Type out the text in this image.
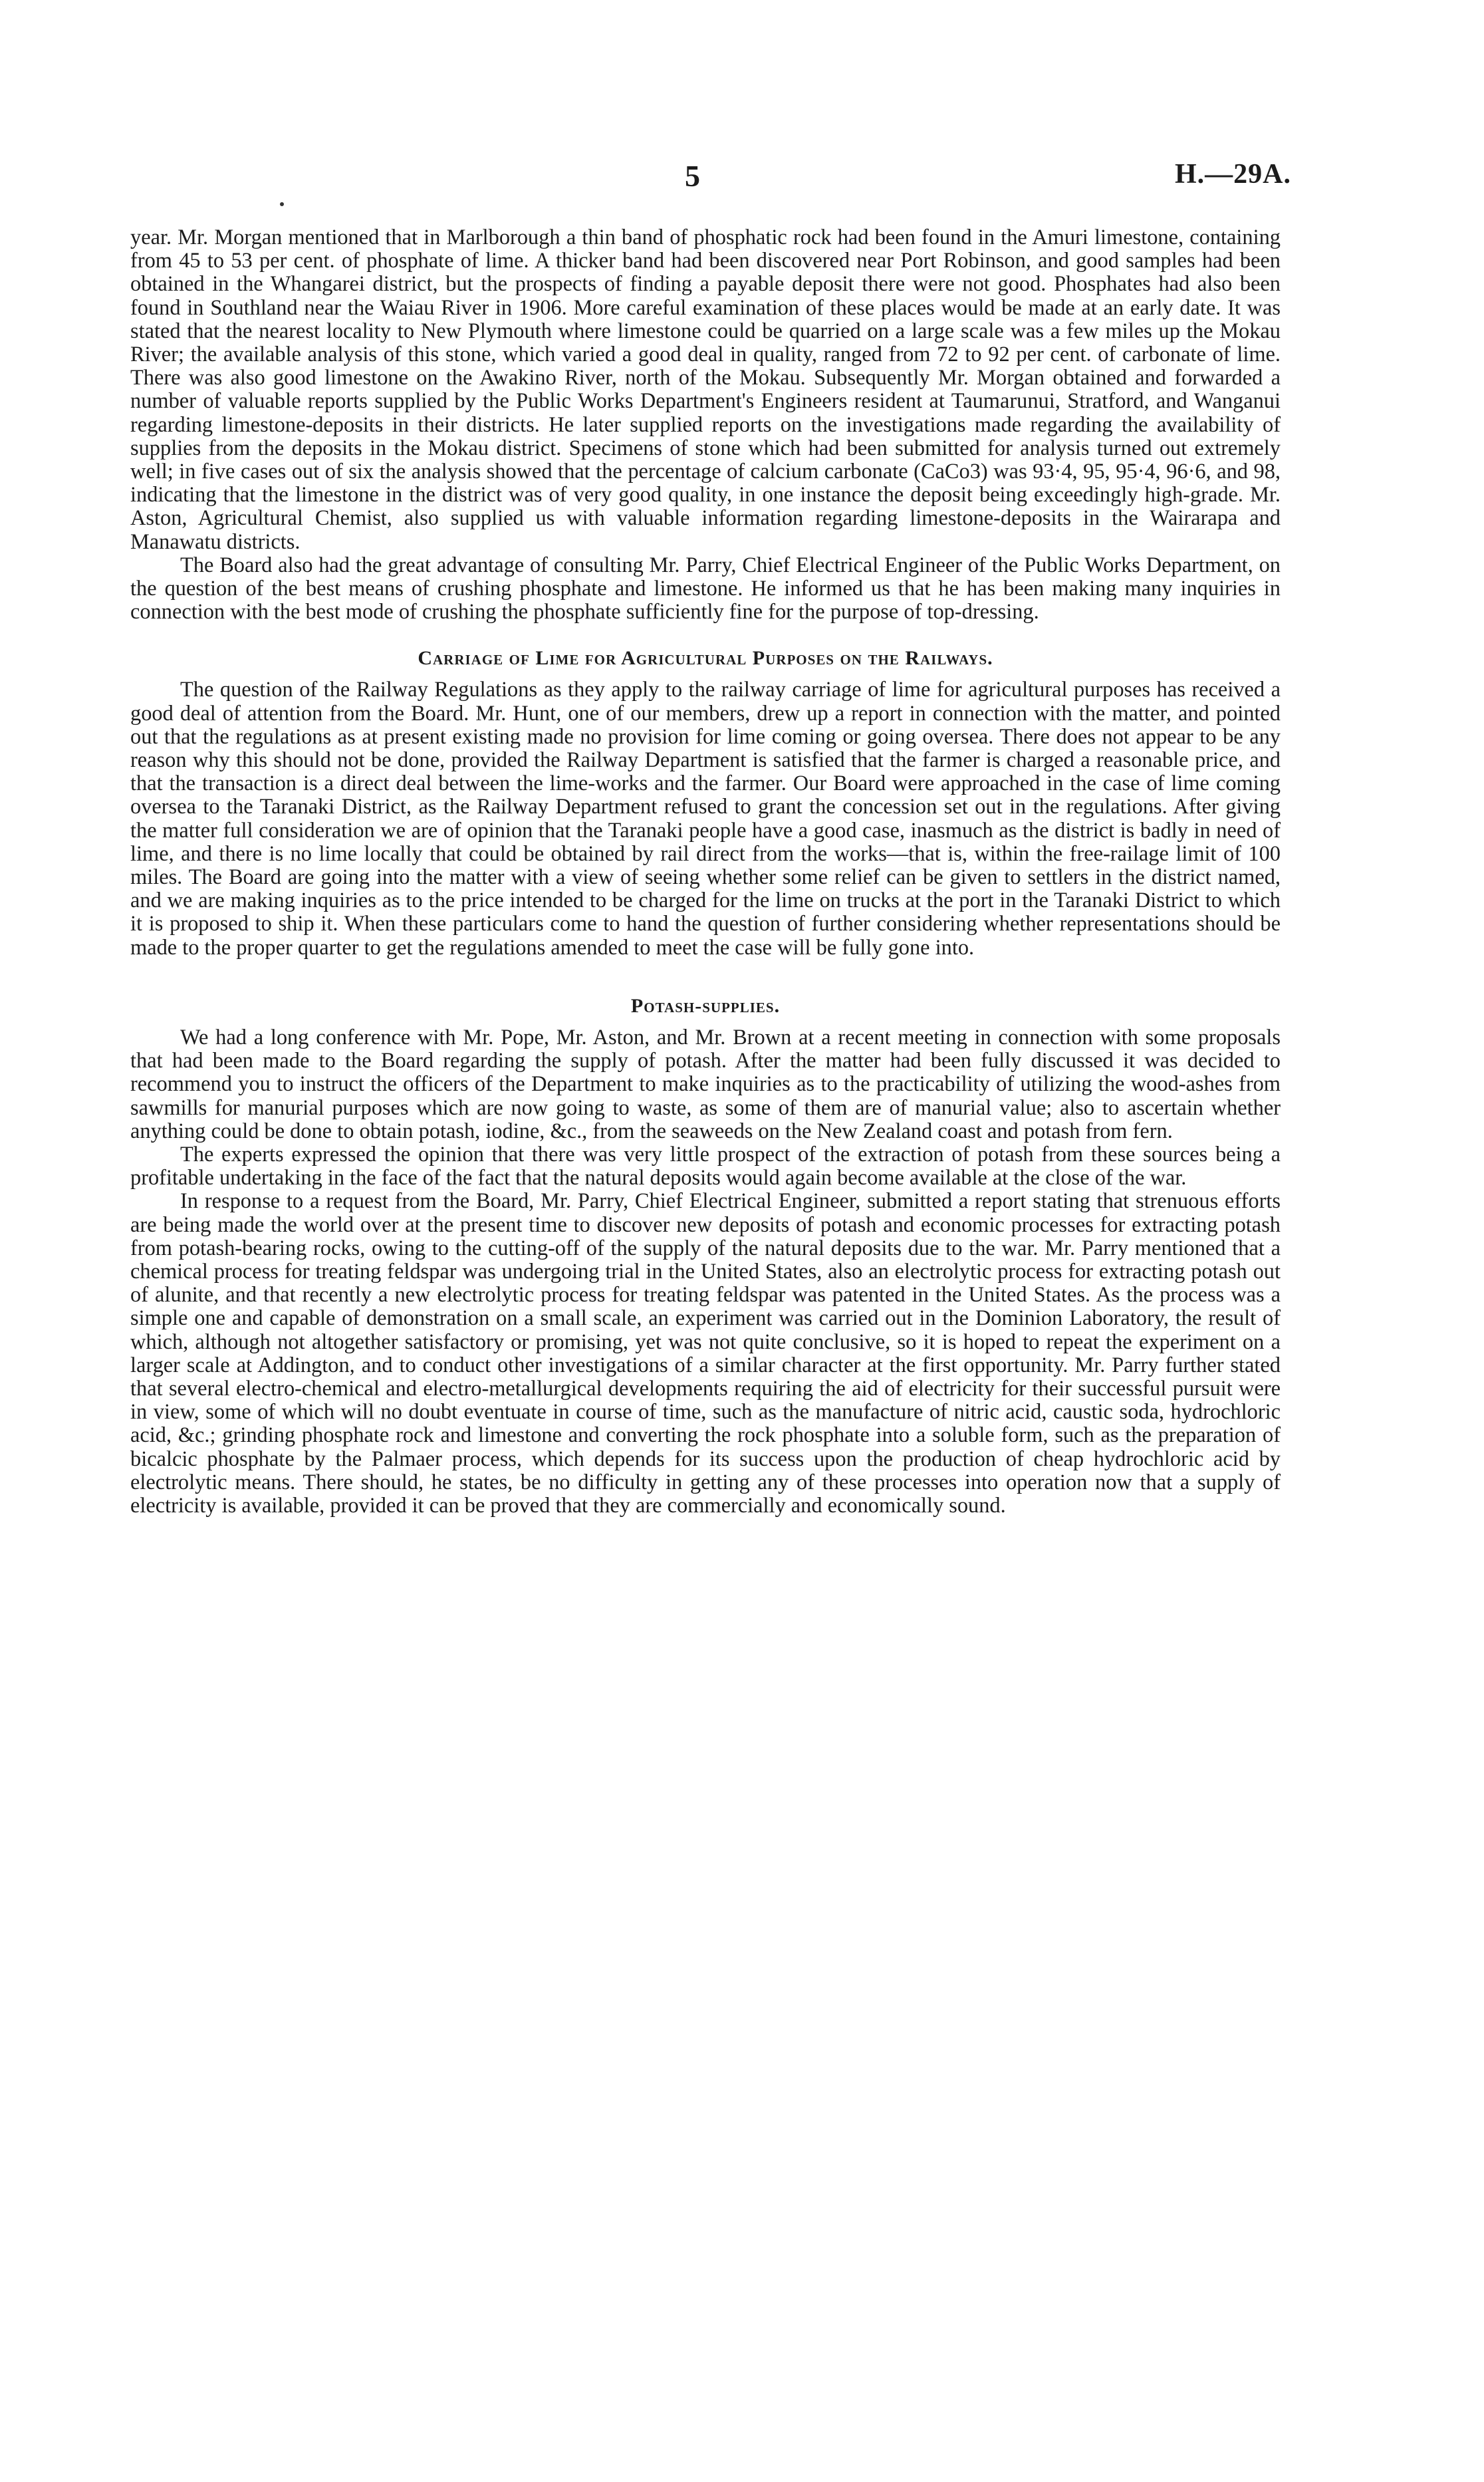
5	H.—29A.

year. Mr. Morgan mentioned that in Marlborough a thin band of phosphatic rock had been found in the Amuri limestone, containing from 45 to 53 per cent. of phosphate of lime. A thicker band had been discovered near Port Robinson, and good samples had been obtained in the Whangarei district, but the prospects of finding a payable deposit there were not good. Phosphates had also been found in Southland near the Waiau River in 1906. More careful examination of these places would be made at an early date. It was stated that the nearest locality to New Plymouth where limestone could be quarried on a large scale was a few miles up the Mokau River; the available analysis of this stone, which varied a good deal in quality, ranged from 72 to 92 per cent. of carbonate of lime. There was also good limestone on the Awakino River, north of the Mokau. Subsequently Mr. Morgan obtained and forwarded a number of valuable reports supplied by the Public Works Department's Engineers resident at Taumarunui, Stratford, and Wanganui regarding limestone-deposits in their districts. He later supplied reports on the investigations made regarding the availability of supplies from the deposits in the Mokau district. Specimens of stone which had been submitted for analysis turned out extremely well; in five cases out of six the analysis showed that the percentage of calcium carbonate (CaCo3) was 93·4, 95, 95·4, 96·6, and 98, indicating that the limestone in the district was of very good quality, in one instance the deposit being exceedingly high-grade. Mr. Aston, Agricultural Chemist, also supplied us with valuable information regarding limestone-deposits in the Wairarapa and Manawatu districts.

The Board also had the great advantage of consulting Mr. Parry, Chief Electrical Engineer of the Public Works Department, on the question of the best means of crushing phosphate and limestone. He informed us that he has been making many inquiries in connection with the best mode of crushing the phosphate sufficiently fine for the purpose of top-dressing.

Carriage of Lime for Agricultural Purposes on the Railways.

The question of the Railway Regulations as they apply to the railway carriage of lime for agricultural purposes has received a good deal of attention from the Board. Mr. Hunt, one of our members, drew up a report in connection with the matter, and pointed out that the regulations as at present existing made no provision for lime coming or going oversea. There does not appear to be any reason why this should not be done, provided the Railway Department is satisfied that the farmer is charged a reasonable price, and that the transaction is a direct deal between the lime-works and the farmer. Our Board were approached in the case of lime coming oversea to the Taranaki District, as the Railway Department refused to grant the concession set out in the regulations. After giving the matter full consideration we are of opinion that the Taranaki people have a good case, inasmuch as the district is badly in need of lime, and there is no lime locally that could be obtained by rail direct from the works—that is, within the free-railage limit of 100 miles. The Board are going into the matter with a view of seeing whether some relief can be given to settlers in the district named, and we are making inquiries as to the price intended to be charged for the lime on trucks at the port in the Taranaki District to which it is proposed to ship it. When these particulars come to hand the question of further considering whether representations should be made to the proper quarter to get the regulations amended to meet the case will be fully gone into.

Potash-supplies.

We had a long conference with Mr. Pope, Mr. Aston, and Mr. Brown at a recent meeting in connection with some proposals that had been made to the Board regarding the supply of potash. After the matter had been fully discussed it was decided to recommend you to instruct the officers of the Department to make inquiries as to the practicability of utilizing the wood-ashes from sawmills for manurial purposes which are now going to waste, as some of them are of manurial value; also to ascertain whether anything could be done to obtain potash, iodine, &c., from the seaweeds on the New Zealand coast and potash from fern.

The experts expressed the opinion that there was very little prospect of the extraction of potash from these sources being a profitable undertaking in the face of the fact that the natural deposits would again become available at the close of the war.

In response to a request from the Board, Mr. Parry, Chief Electrical Engineer, submitted a report stating that strenuous efforts are being made the world over at the present time to discover new deposits of potash and economic processes for extracting potash from potash-bearing rocks, owing to the cutting-off of the supply of the natural deposits due to the war. Mr. Parry mentioned that a chemical process for treating feldspar was undergoing trial in the United States, also an electrolytic process for extracting potash out of alunite, and that recently a new electrolytic process for treating feldspar was patented in the United States. As the process was a simple one and capable of demonstration on a small scale, an experiment was carried out in the Dominion Laboratory, the result of which, although not altogether satisfactory or promising, yet was not quite conclusive, so it is hoped to repeat the experiment on a larger scale at Addington, and to conduct other investigations of a similar character at the first opportunity. Mr. Parry further stated that several electro-chemical and electro-metallurgical developments requiring the aid of electricity for their successful pursuit were in view, some of which will no doubt eventuate in course of time, such as the manufacture of nitric acid, caustic soda, hydrochloric acid, &c.; grinding phosphate rock and limestone and converting the rock phosphate into a soluble form, such as the preparation of bicalcic phosphate by the Palmaer process, which depends for its success upon the production of cheap hydrochloric acid by electrolytic means. There should, he states, be no difficulty in getting any of these processes into operation now that a supply of electricity is available, provided it can be proved that they are commercially and economically sound.
